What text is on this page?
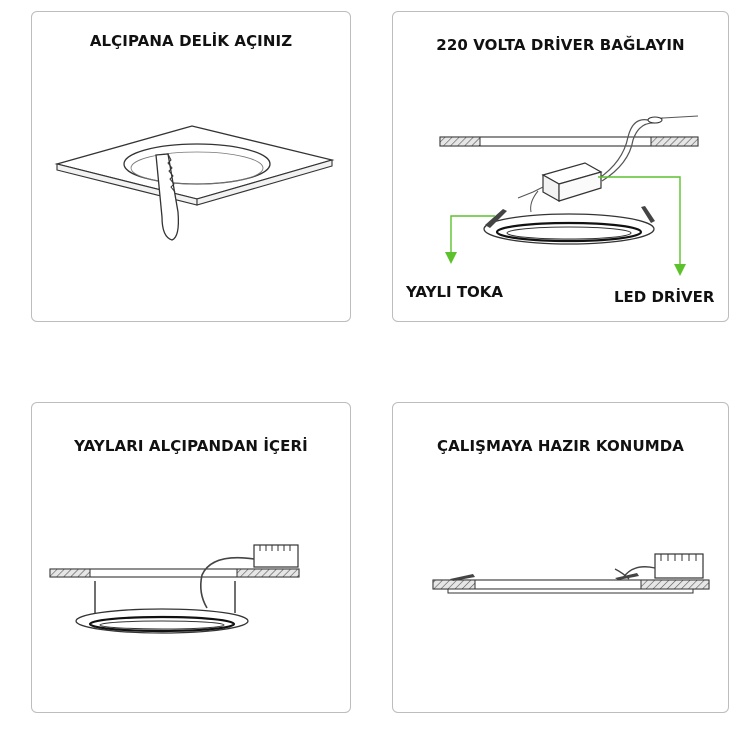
ALÇIPANA DELİK AÇINIZ	220 VOLTA DRİVER BAĞLAYIN
YAYLI TOKA	LED DRİVER
YAYLARI ALÇIPANDAN İÇERİ	ÇALIŞMAYA HAZIR KONUMDA
